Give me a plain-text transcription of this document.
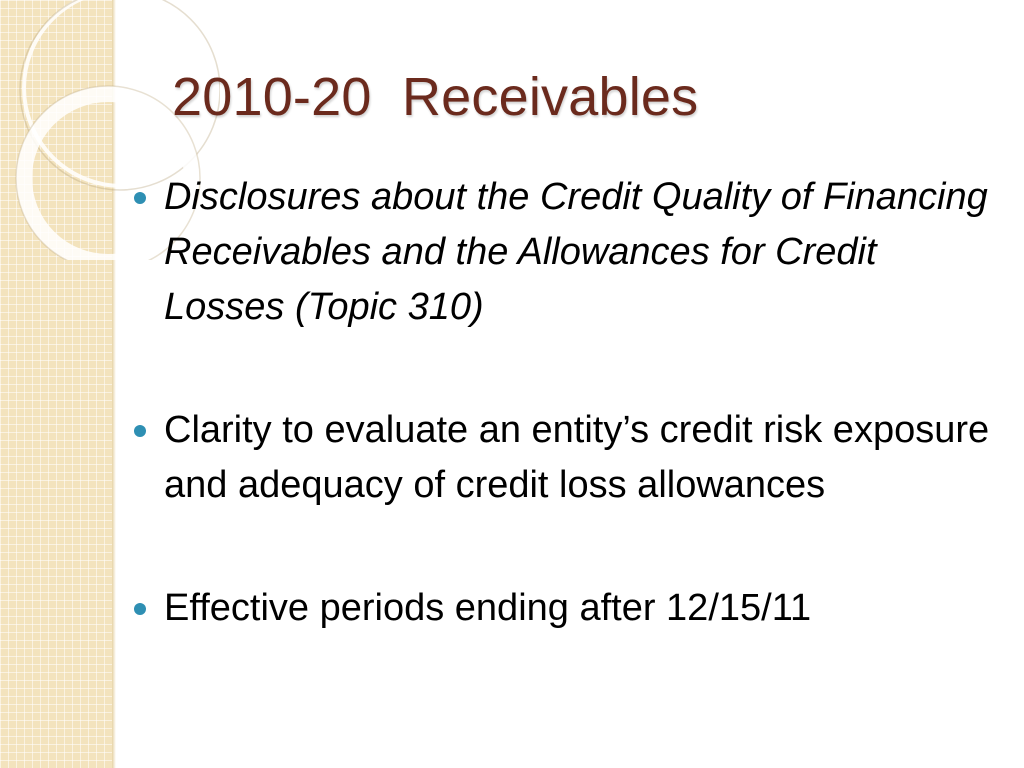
2010-20  Receivables
Disclosures about the Credit Quality of Financing Receivables and the Allowances for Credit Losses (Topic 310)
Clarity to evaluate an entity’s credit risk exposure and adequacy of credit loss allowances
Effective periods ending after 12/15/11
